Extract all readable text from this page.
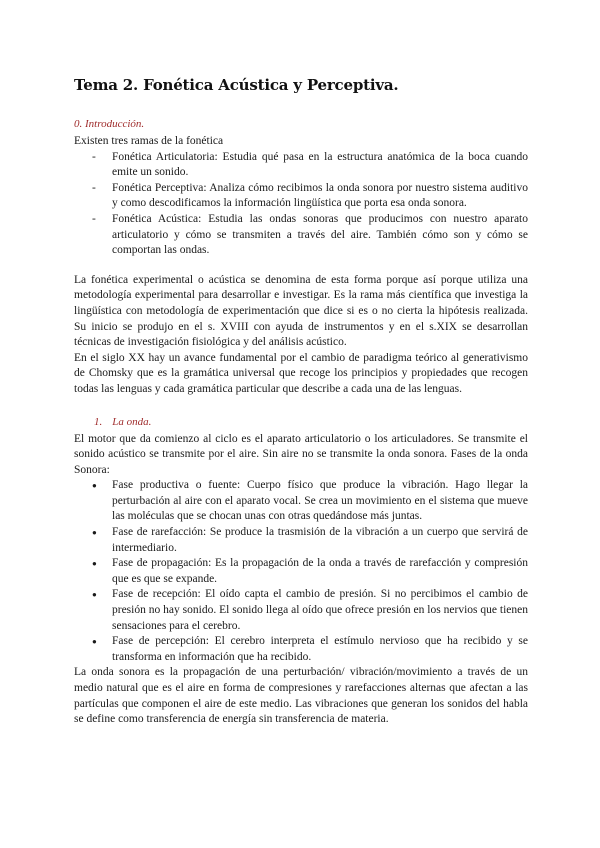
Tema 2. Fonética Acústica y Perceptiva.
0. Introducción.

Existen tres ramas de la fonética

- Fonética Articulatoria: Estudia qué pasa en la estructura anatómica de la boca cuando emite un sonido.
- Fonética Perceptiva: Analiza cómo recibimos la onda sonora por nuestro sistema auditivo y como descodificamos la información lingüística que porta esa onda sonora.
- Fonética Acústica: Estudia las ondas sonoras que producimos con nuestro aparato articulatorio y cómo se transmiten a través del aire. También cómo son y cómo se comportan las ondas.

La fonética experimental o acústica se denomina de esta forma porque así porque utiliza una metodología experimental para desarrollar e investigar. Es la rama más científica que investiga la lingüística con metodología de experimentación que dice si es o no cierta la hipótesis realizada. Su inicio se produjo en el s. XVIII con ayuda de instrumentos y en el s.XIX se desarrollan técnicas de investigación fisiológica y del análisis acústico.

En el siglo XX hay un avance fundamental por el cambio de paradigma teórico al generativismo de Chomsky que es la gramática universal que recoge los principios y propiedades que recogen todas las lenguas y cada gramática particular que describe a cada una de las lenguas.

1. La onda.

El motor que da comienzo al ciclo es el aparato articulatorio o los articuladores. Se transmite el sonido acústico se transmite por el aire. Sin aire no se transmite la onda sonora. Fases de la onda Sonora:

● Fase productiva o fuente: Cuerpo físico que produce la vibración. Hago llegar la perturbación al aire con el aparato vocal. Se crea un movimiento en el sistema que mueve las moléculas que se chocan unas con otras quedándose más juntas.
● Fase de rarefacción: Se produce la trasmisión de la vibración a un cuerpo que servirá de intermediario.
● Fase de propagación: Es la propagación de la onda a través de rarefacción y compresión que es que se expande.
● Fase de recepción: El oído capta el cambio de presión. Si no percibimos el cambio de presión no hay sonido. El sonido llega al oído que ofrece presión en los nervios que tienen sensaciones para el cerebro.
● Fase de percepción: El cerebro interpreta el estímulo nervioso que ha recibido y se transforma en información que ha recibido.

La onda sonora es la propagación de una perturbación/ vibración/movimiento a través de un medio natural que es el aire en forma de compresiones y rarefacciones alternas que afectan a las partículas que componen el aire de este medio. Las vibraciones que generan los sonidos del habla se define como transferencia de energía sin transferencia de materia.
